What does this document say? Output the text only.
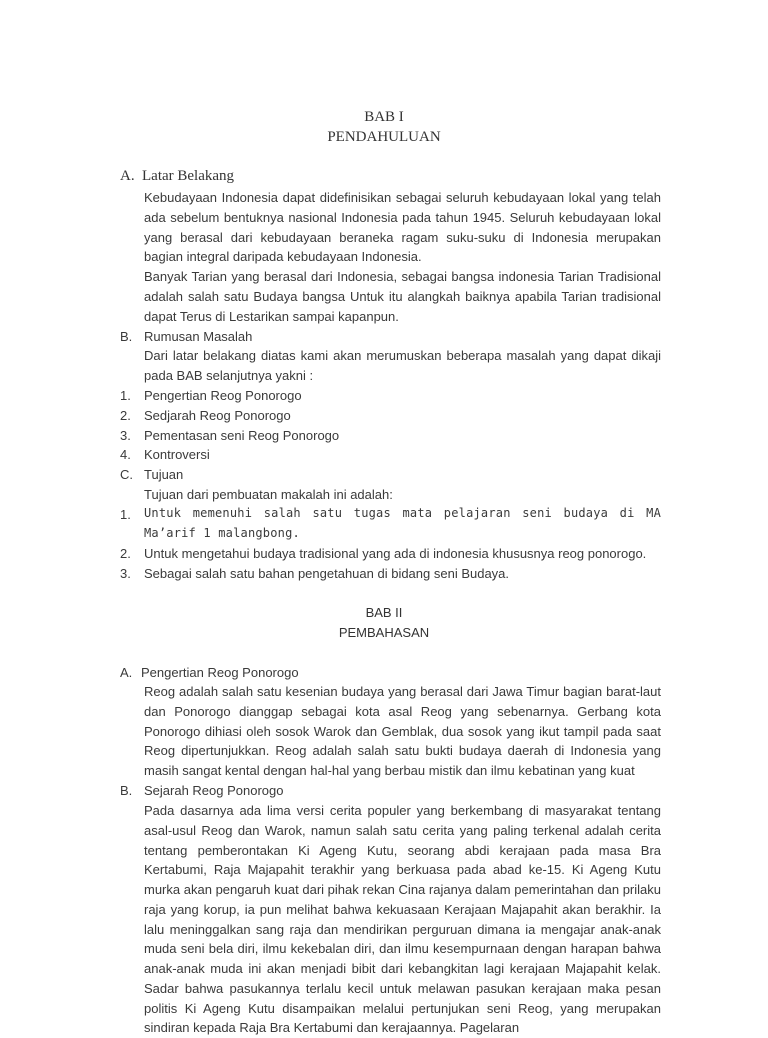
BAB I
PENDAHULUAN
A. Latar Belakang

Kebudayaan Indonesia dapat didefinisikan sebagai seluruh kebudayaan lokal yang telah ada sebelum bentuknya nasional Indonesia pada tahun 1945. Seluruh kebudayaan lokal yang berasal dari kebudayaan beraneka ragam suku-suku di Indonesia merupakan bagian integral daripada kebudayaan Indonesia.

Banyak Tarian yang berasal dari Indonesia, sebagai bangsa indonesia Tarian Tradisional adalah salah satu Budaya bangsa Untuk itu alangkah baiknya apabila Tarian tradisional dapat Terus di Lestarikan sampai kapanpun.

B. Rumusan Masalah

Dari latar belakang diatas kami akan merumuskan beberapa masalah yang dapat dikaji pada BAB selanjutnya yakni :

1. Pengertian Reog Ponorogo
2. Sedjarah Reog Ponorogo
3. Pementasan seni Reog Ponorogo
4. Kontroversi
C. Tujuan
Tujuan dari pembuatan makalah ini adalah:
1. Untuk memenuhi salah satu tugas mata pelajaran seni budaya di MA Ma’arif 1 malangbong.

2. Untuk mengetahui budaya tradisional yang ada di indonesia khususnya reog ponorogo.
3. Sebagai salah satu bahan pengetahuan di bidang seni Budaya.
BAB II
PEMBAHASAN
A. Pengertian Reog Ponorogo

Reog adalah salah satu kesenian budaya yang berasal dari Jawa Timur bagian barat-laut dan Ponorogo dianggap sebagai kota asal Reog yang sebenarnya. Gerbang kota Ponorogo dihiasi oleh sosok Warok dan Gemblak, dua sosok yang ikut tampil pada saat Reog dipertunjukkan. Reog adalah salah satu bukti budaya daerah di Indonesia yang masih sangat kental dengan hal-hal yang berbau mistik dan ilmu kebatinan yang kuat

B. Sejarah Reog Ponorogo

Pada dasarnya ada lima versi cerita populer yang berkembang di masyarakat tentang asal-usul Reog dan Warok, namun salah satu cerita yang paling terkenal adalah cerita tentang pemberontakan Ki Ageng Kutu, seorang abdi kerajaan pada masa Bra Kertabumi, Raja Majapahit terakhir yang berkuasa pada abad ke-15. Ki Ageng Kutu murka akan pengaruh kuat dari pihak rekan Cina rajanya dalam pemerintahan dan prilaku raja yang korup, ia pun melihat bahwa kekuasaan Kerajaan Majapahit akan berakhir. Ia lalu meninggalkan sang raja dan mendirikan perguruan dimana ia mengajar anak-anak muda seni bela diri, ilmu kekebalan diri, dan ilmu kesempurnaan dengan harapan bahwa anak-anak muda ini akan menjadi bibit dari kebangkitan lagi kerajaan Majapahit kelak. Sadar bahwa pasukannya terlalu kecil untuk melawan pasukan kerajaan maka pesan politis Ki Ageng Kutu disampaikan melalui pertunjukan seni Reog, yang merupakan sindiran kepada Raja Bra Kertabumi dan kerajaannya. Pagelaran
